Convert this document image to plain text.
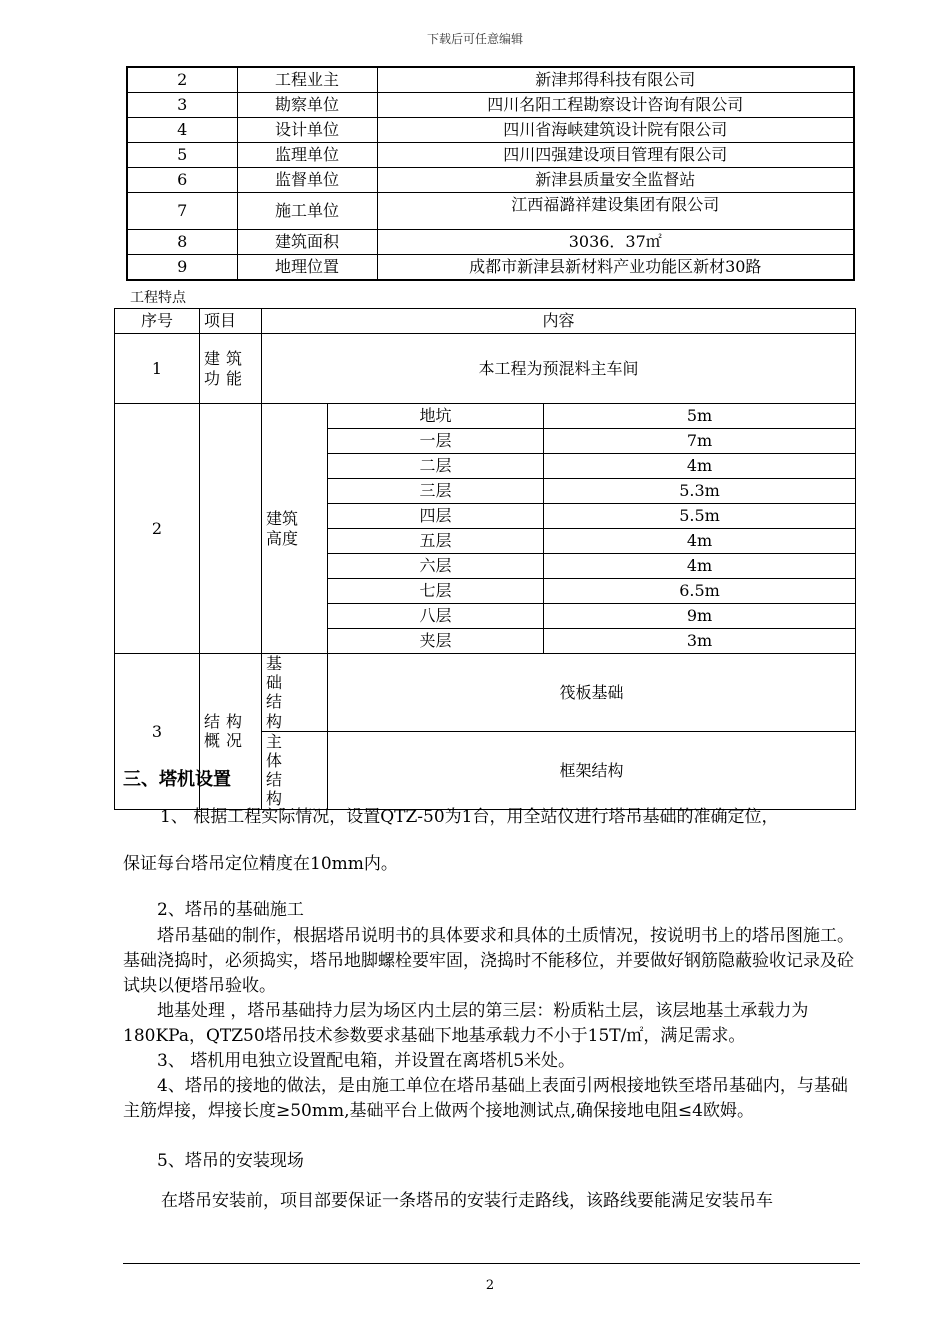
下载后可任意编辑
2	工程业主	新津邦得科技有限公司
3	勘察单位	四川名阳工程勘察设计咨询有限公司
4	设计单位	四川省海峡建筑设计院有限公司
5	监理单位	四川四强建设项目管理有限公司
6	监督单位	新津县质量安全监督站
7	施工单位	江西福潞祥建设集团有限公司
8	建筑面积	3036．37㎡
9	地理位置	成都市新津县新材料产业功能区新材30路
工程特点
序号	项目	内容		
1	建筑功能	本工程为预混料主车间		
2		建筑高度	地坑	5m
			一层	7m
			二层	4m
			三层	5.3m
			四层	5.5m
			五层	4m
			六层	4m
			七层	6.5m
			八层	9m
			夹层	3m
3	结构概况	基础结构	筏板基础	

		主体结构	框架结构	
三、塔机设置
1、 根据工程实际情况，设置QTZ-50为1台，用全站仪进行塔吊基础的准确定位，
保证每台塔吊定位精度在10mm内。
2、塔吊的基础施工
塔吊基础的制作，根据塔吊说明书的具体要求和具体的土质情况，按说明书上的塔吊图施工。基础浇捣时，必须捣实，塔吊地脚螺栓要牢固，浇捣时不能移位，并要做好钢筋隐蔽验收记录及砼试块以便塔吊验收。
地基处理 ，塔吊基础持力层为场区内土层的第三层：粉质粘土层，该层地基土承载力为180KPa，QTZ50塔吊技术参数要求基础下地基承载力不小于15T/㎡，满足需求。
3、 塔机用电独立设置配电箱，并设置在离塔机5米处。
4、塔吊的接地的做法，是由施工单位在塔吊基础上表面引两根接地铁至塔吊基础内，与基础主筋焊接，焊接长度≥50mm,基础平台上做两个接地测试点,确保接地电阻≤4欧姆。
5、塔吊的安装现场
在塔吊安装前，项目部要保证一条塔吊的安装行走路线，该路线要能满足安装吊车
2
